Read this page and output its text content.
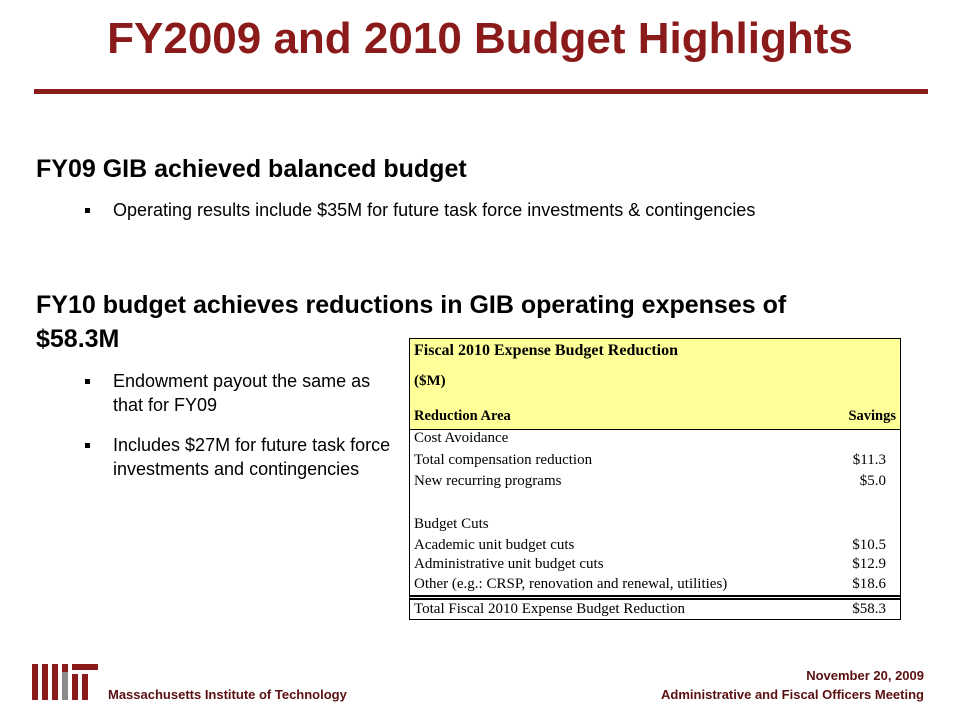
FY2009 and 2010 Budget Highlights

FY09 GIB achieved balanced budget

Operating results include $35M for future task force investments & contingencies

FY10 budget achieves reductions in GIB operating expenses of $58.3M

Endowment payout the same as that for FY09
Includes $27M for future task force investments and contingencies
Fiscal 2010 Expense Budget Reduction
($M)
Reduction Area	Savings
Cost Avoidance
Total compensation reduction	$11.3
New recurring programs	$5.0
Budget Cuts
Academic unit budget cuts	$10.5
Administrative unit budget cuts	$12.9
Other (e.g.: CRSP, renovation and renewal, utilities)	$18.6
Total Fiscal 2010 Expense Budget Reduction	$58.3
Massachusetts Institute of Technology
November 20, 2009
Administrative and Fiscal Officers Meeting
